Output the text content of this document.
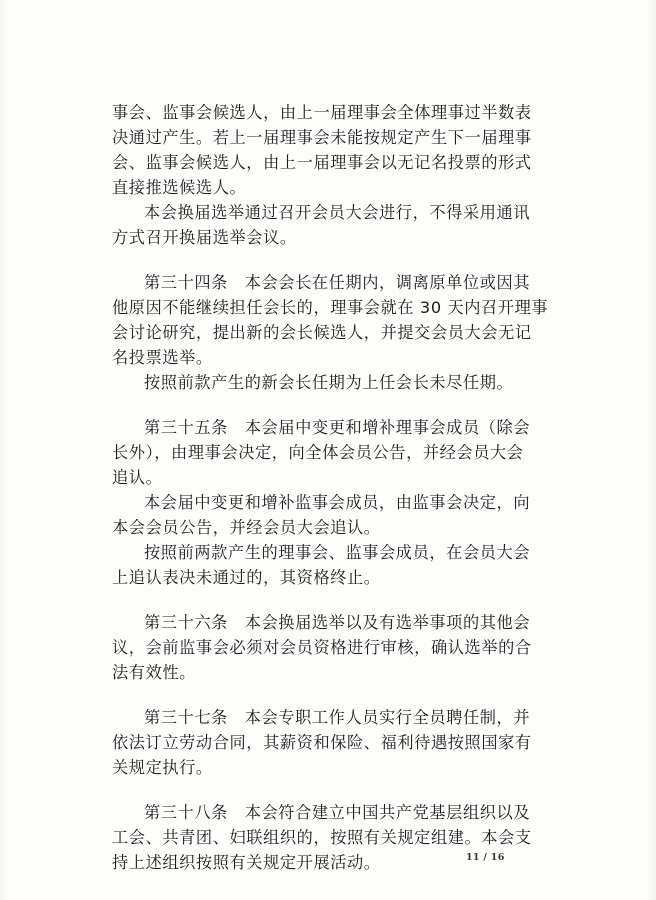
事会、监事会候选人，由上一届理事会全体理事过半数表
决通过产生。若上一届理事会未能按规定产生下一届理事
会、监事会候选人，由上一届理事会以无记名投票的形式
直接推选候选人。
本会换届选举通过召开会员大会进行，不得采用通讯
方式召开换届选举会议。
第三十四条　本会会长在任期内，调离原单位或因其
他原因不能继续担任会长的，理事会就在 30 天内召开理事
会讨论研究，提出新的会长候选人，并提交会员大会无记
名投票选举。
按照前款产生的新会长任期为上任会长未尽任期。
第三十五条　本会届中变更和增补理事会成员（除会
长外），由理事会决定，向全体会员公告，并经会员大会
追认。
本会届中变更和增补监事会成员，由监事会决定，向
本会会员公告，并经会员大会追认。
按照前两款产生的理事会、监事会成员，在会员大会
上追认表决未通过的，其资格终止。
第三十六条　本会换届选举以及有选举事项的其他会
议，会前监事会必须对会员资格进行审核，确认选举的合
法有效性。
第三十七条　本会专职工作人员实行全员聘任制，并
依法订立劳动合同，其薪资和保险、福利待遇按照国家有
关规定执行。
第三十八条　本会符合建立中国共产党基层组织以及
工会、共青团、妇联组织的，按照有关规定组建。本会支
持上述组织按照有关规定开展活动。	11 / 16
